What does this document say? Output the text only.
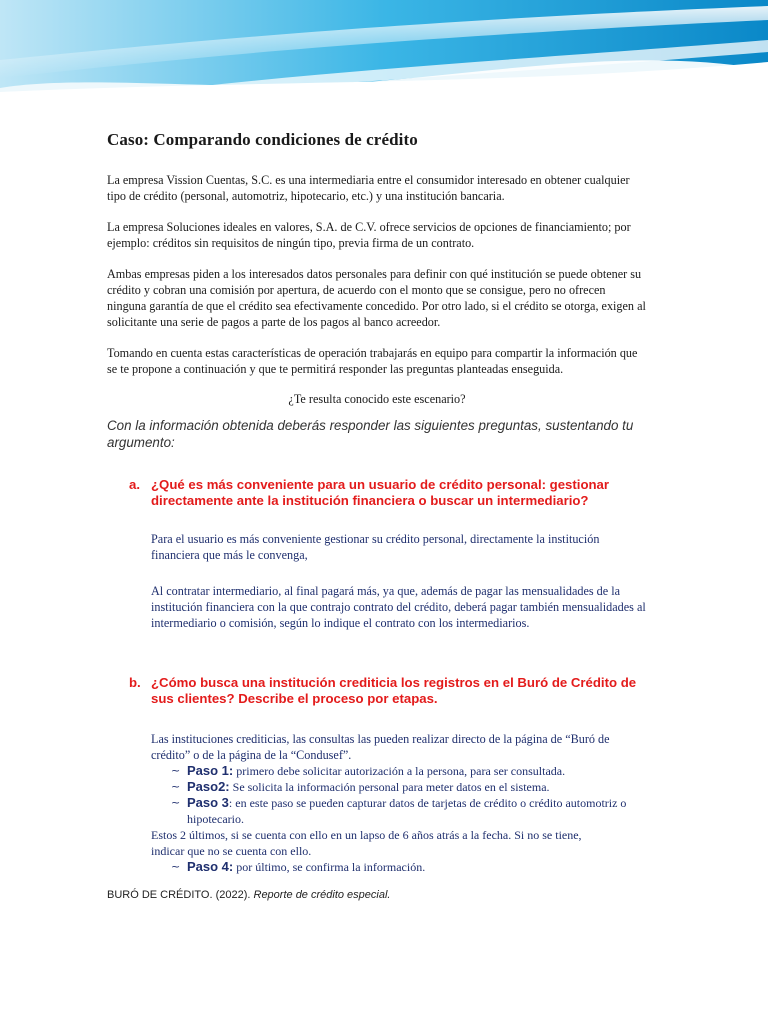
Caso: Comparando condiciones de crédito

La empresa Vission Cuentas, S.C. es una intermediaria entre el consumidor interesado en obtener cualquier tipo de crédito (personal, automotriz, hipotecario, etc.) y una institución bancaria.

La empresa Soluciones ideales en valores, S.A. de C.V. ofrece servicios de opciones de financiamiento; por ejemplo: créditos sin requisitos de ningún tipo, previa firma de un contrato.

Ambas empresas piden a los interesados datos personales para definir con qué institución se puede obtener su crédito y cobran una comisión por apertura, de acuerdo con el monto que se consigue, pero no ofrecen ninguna garantía de que el crédito sea efectivamente concedido. Por otro lado, si el crédito se otorga, exigen al solicitante una serie de pagos a parte de los pagos al banco acreedor.

Tomando en cuenta estas características de operación trabajarás en equipo para compartir la información que se te propone a continuación y que te permitirá responder las preguntas planteadas enseguida.

¿Te resulta conocido este escenario?
Con la información obtenida deberás responder las siguientes preguntas, sustentando tu argumento:
a. ¿Qué es más conveniente para un usuario de crédito personal: gestionar directamente ante la institución financiera o buscar un intermediario?

Para el usuario es más conveniente gestionar su crédito personal, directamente la institución financiera que más le convenga,

Al contratar intermediario, al final pagará más, ya que, además de pagar las mensualidades de la institución financiera con la que contrajo contrato del crédito, deberá pagar también mensualidades al intermediario o comisión, según lo indique el contrato con los intermediarios.

b. ¿Cómo busca una institución crediticia los registros en el Buró de Crédito de sus clientes? Describe el proceso por etapas.

Las instituciones crediticias, las consultas las pueden realizar directo de la página de “Buró de crédito” o de la página de la “Condusef”.

~ Paso 1: primero debe solicitar autorización a la persona, para ser consultada.
~ Paso2: Se solicita la información personal para meter datos en el sistema.
~ Paso 3: en este paso se pueden capturar datos de tarjetas de crédito o crédito automotriz o hipotecario.

Estos 2 últimos, si se cuenta con ello en un lapso de 6 años atrás a la fecha. Si no se tiene, indicar que no se cuenta con ello.

~ Paso 4: por último, se confirma la información.
BURÓ DE CRÉDITO. (2022). Reporte de crédito especial.
